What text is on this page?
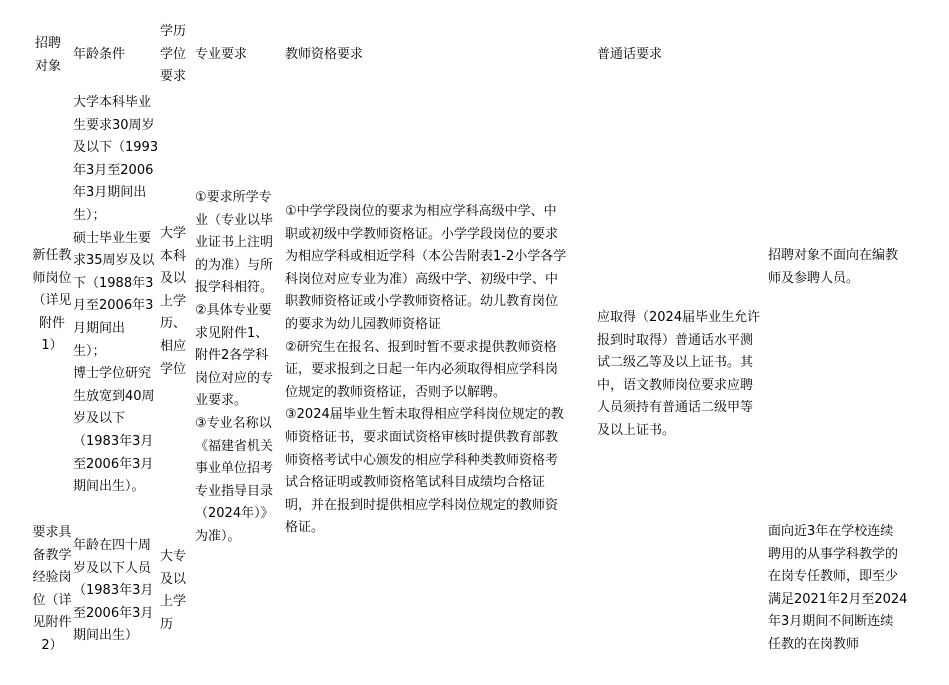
招聘
对象
年龄条件
学历
学位
要求
专业要求	教师资格要求	普通话要求
新任教
师岗位
（详见
附件
1）
大学本科毕业
生要求30周岁
及以下（1993
年3月至2006
年3月期间出
生）；
硕士毕业生要
求35周岁及以
下（1988年3
月至2006年3
月期间出
生）；
博士学位研究
生放宽到40周
岁及以下
（1983年3月
至2006年3月
期间出生）。
大学
本科
及以
上学
历、
相应
学位
①要求所学专
业（专业以毕
业证书上注明
的为准）与所
报学科相符。
②具体专业要
求见附件1、
附件2各学科
岗位对应的专
业要求。
③专业名称以
《福建省机关
事业单位招考
专业指导目录
（2024年）》
为准）。
①中学学段岗位的要求为相应学科高级中学、中
职或初级中学教师资格证。小学学段岗位的要求
为相应学科或相近学科（本公告附表1-2小学各学
科岗位对应专业为准）高级中学、初级中学、中
职教师资格证或小学教师资格证。幼儿教育岗位
的要求为幼儿园教师资格证
②研究生在报名、报到时暂不要求提供教师资格
证，要求报到之日起一年内必须取得相应学科岗
位规定的教师资格证，否则予以解聘。
③2024届毕业生暂未取得相应学科岗位规定的教
师资格证书，要求面试资格审核时提供教育部教
师资格考试中心颁发的相应学科种类教师资格考
试合格证明或教师资格笔试科目成绩均合格证
明，并在报到时提供相应学科岗位规定的教师资
格证。
应取得（2024届毕业生允许
报到时取得）普通话水平测
试二级乙等及以上证书。其
中，语文教师岗位要求应聘
人员须持有普通话二级甲等
及以上证书。
招聘对象不面向在编教
师及参聘人员。
要求具
备教学
经验岗
位（详
见附件
2）
年龄在四十周
岁及以下人员
（1983年3月
至2006年3月
期间出生）
大专
及以
上学
历
面向近3年在学校连续
聘用的从事学科教学的
在岗专任教师，即至少
满足2021年2月至2024
年3月期间不间断连续
任教的在岗教师
